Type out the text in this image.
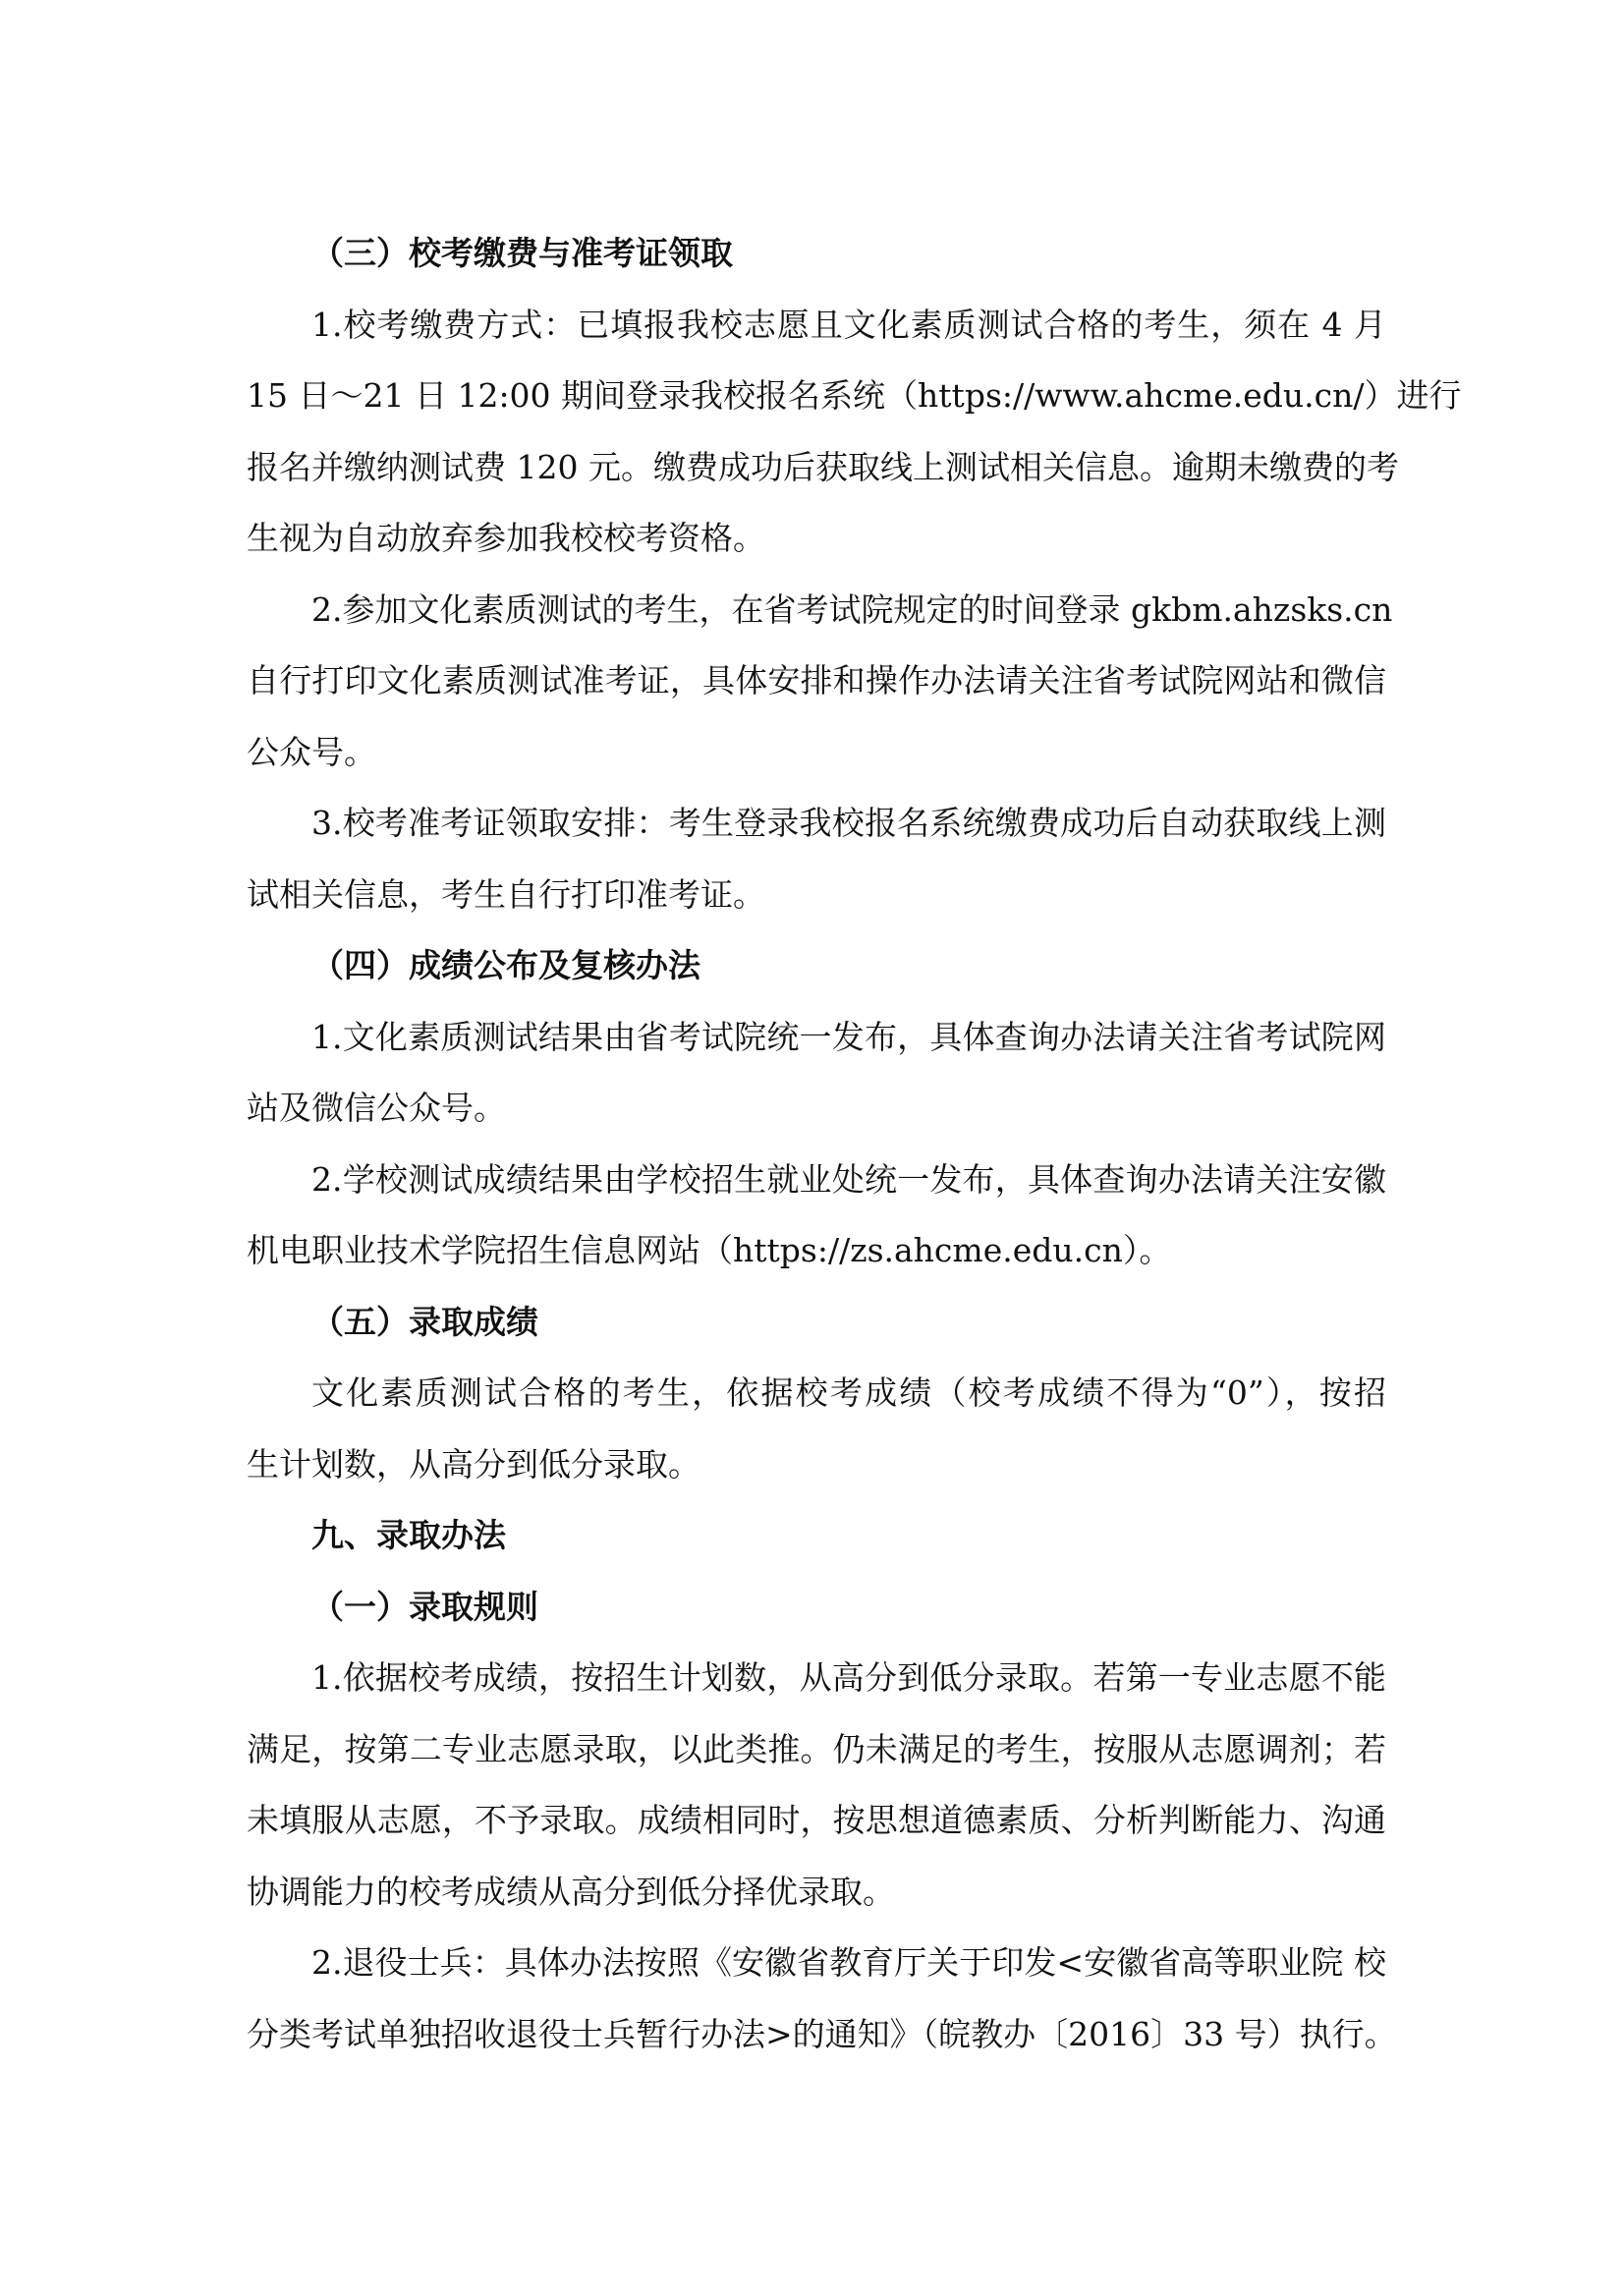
（三）校考缴费与准考证领取
1.校考缴费方式：已填报我校志愿且文化素质测试合格的考生，须在 4 月
15 日～21 日 12:00 期间登录我校报名系统（https://www.ahcme.edu.cn/）进行
报名并缴纳测试费 120 元。缴费成功后获取线上测试相关信息。逾期未缴费的考
生视为自动放弃参加我校校考资格。
2.参加文化素质测试的考生，在省考试院规定的时间登录 gkbm.ahzsks.cn
自行打印文化素质测试准考证，具体安排和操作办法请关注省考试院网站和微信
公众号。
3.校考准考证领取安排：考生登录我校报名系统缴费成功后自动获取线上测
试相关信息，考生自行打印准考证。
（四）成绩公布及复核办法
1.文化素质测试结果由省考试院统一发布，具体查询办法请关注省考试院网
站及微信公众号。
2.学校测试成绩结果由学校招生就业处统一发布，具体查询办法请关注安徽
机电职业技术学院招生信息网站（https://zs.ahcme.edu.cn）。
（五）录取成绩
文化素质测试合格的考生，依据校考成绩（校考成绩不得为“0”），按招
生计划数，从高分到低分录取。
九、录取办法
（一）录取规则
1.依据校考成绩，按招生计划数，从高分到低分录取。若第一专业志愿不能
满足，按第二专业志愿录取，以此类推。仍未满足的考生，按服从志愿调剂；若
未填服从志愿，不予录取。成绩相同时，按思想道德素质、分析判断能力、沟通
协调能力的校考成绩从高分到低分择优录取。
2.退役士兵：具体办法按照《安徽省教育厅关于印发<安徽省高等职业院 校
分类考试单独招收退役士兵暂行办法>的通知》（皖教办〔2016〕33 号）执行。
